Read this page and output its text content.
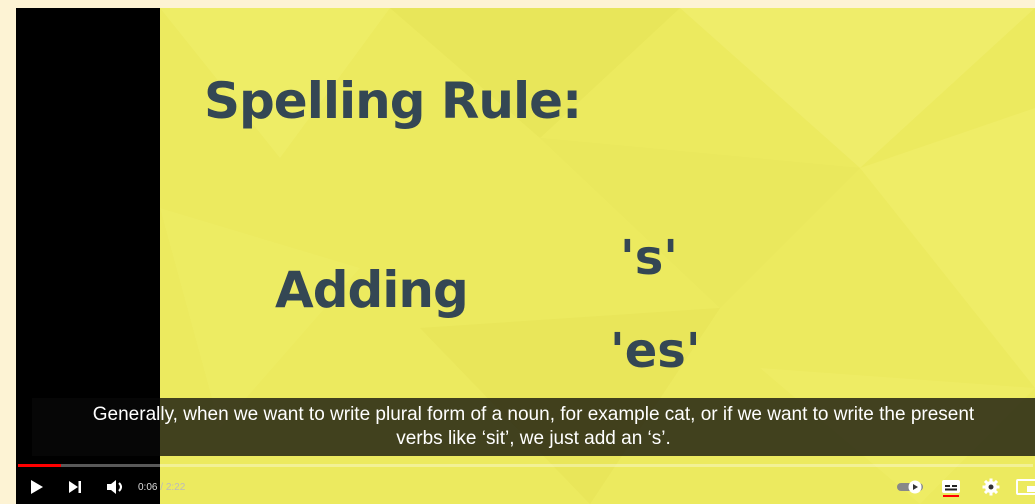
Spelling Rule:
Adding
's'
'es'
Generally, when we want to write plural form of a noun, for example cat, or if we want to write the present
verbs like ‘sit’, we just add an ‘s’.
0:06 / 2:22
